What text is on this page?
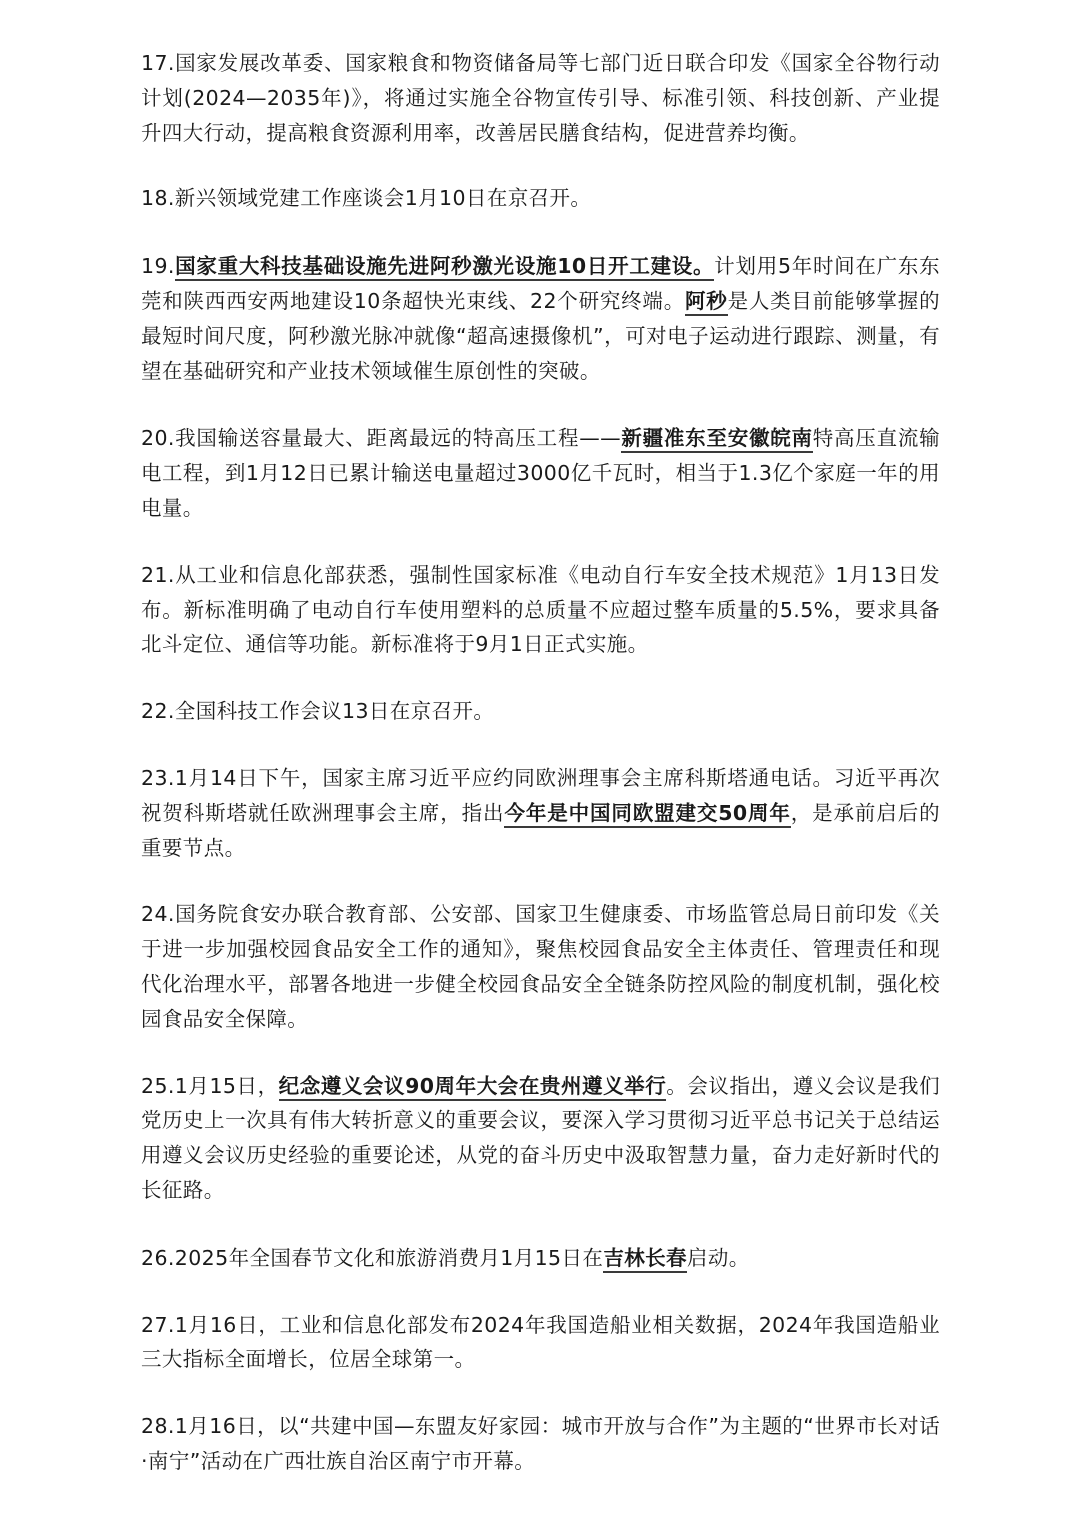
17.国家发展改革委、国家粮食和物资储备局等七部门近日联合印发《国家全谷物行动计划(2024—2035年)》，将通过实施全谷物宣传引导、标准引领、科技创新、产业提升四大行动，提高粮食资源利用率，改善居民膳食结构，促进营养均衡。

18.新兴领域党建工作座谈会1月10日在京召开。

19.国家重大科技基础设施先进阿秒激光设施10日开工建设。计划用5年时间在广东东莞和陕西西安两地建设10条超快光束线、22个研究终端。阿秒是人类目前能够掌握的最短时间尺度，阿秒激光脉冲就像“超高速摄像机”，可对电子运动进行跟踪、测量，有望在基础研究和产业技术领域催生原创性的突破。

20.我国输送容量最大、距离最远的特高压工程——新疆准东至安徽皖南特高压直流输电工程，到1月12日已累计输送电量超过3000亿千瓦时，相当于1.3亿个家庭一年的用电量。

21.从工业和信息化部获悉，强制性国家标准《电动自行车安全技术规范》1月13日发布。新标准明确了电动自行车使用塑料的总质量不应超过整车质量的5.5%，要求具备北斗定位、通信等功能。新标准将于9月1日正式实施。

22.全国科技工作会议13日在京召开。

23.1月14日下午，国家主席习近平应约同欧洲理事会主席科斯塔通电话。习近平再次祝贺科斯塔就任欧洲理事会主席，指出今年是中国同欧盟建交50周年，是承前启后的重要节点。

24.国务院食安办联合教育部、公安部、国家卫生健康委、市场监管总局日前印发《关于进一步加强校园食品安全工作的通知》，聚焦校园食品安全主体责任、管理责任和现代化治理水平，部署各地进一步健全校园食品安全全链条防控风险的制度机制，强化校园食品安全保障。

25.1月15日，纪念遵义会议90周年大会在贵州遵义举行。会议指出，遵义会议是我们党历史上一次具有伟大转折意义的重要会议，要深入学习贯彻习近平总书记关于总结运用遵义会议历史经验的重要论述，从党的奋斗历史中汲取智慧力量，奋力走好新时代的长征路。

26.2025年全国春节文化和旅游消费月1月15日在吉林长春启动。

27.1月16日，工业和信息化部发布2024年我国造船业相关数据，2024年我国造船业三大指标全面增长，位居全球第一。

28.1月16日，以“共建中国—东盟友好家园：城市开放与合作”为主题的“世界市长对话·南宁”活动在广西壮族自治区南宁市开幕。
